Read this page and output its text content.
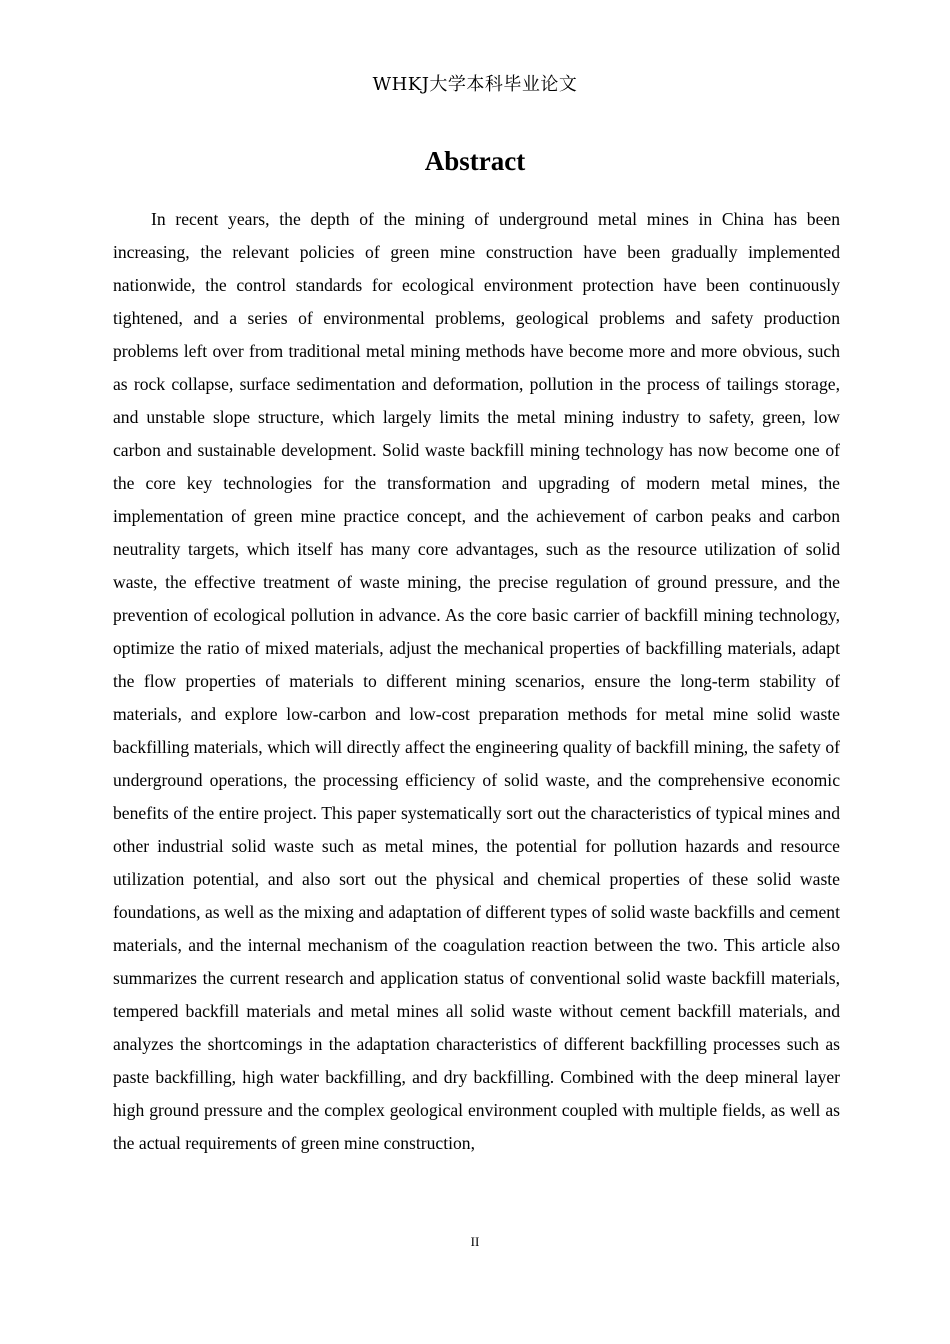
WHKJ大学本科毕业论文
Abstract

In recent years, the depth of the mining of underground metal mines in China has been increasing, the relevant policies of green mine construction have been gradually implemented nationwide, the control standards for ecological environment protection have been continuously tightened, and a series of environmental problems, geological problems and safety production problems left over from traditional metal mining methods have become more and more obvious, such as rock collapse, surface sedimentation and deformation, pollution in the process of tailings storage, and unstable slope structure, which largely limits the metal mining industry to safety, green, low carbon and sustainable development. Solid waste backfill mining technology has now become one of the core key technologies for the transformation and upgrading of modern metal mines, the implementation of green mine practice concept, and the achievement of carbon peaks and carbon neutrality targets, which itself has many core advantages, such as the resource utilization of solid waste, the effective treatment of waste mining, the precise regulation of ground pressure, and the prevention of ecological pollution in advance. As the core basic carrier of backfill mining technology, optimize the ratio of mixed materials, adjust the mechanical properties of backfilling materials, adapt the flow properties of materials to different mining scenarios, ensure the long-term stability of materials, and explore low-carbon and low-cost preparation methods for metal mine solid waste backfilling materials, which will directly affect the engineering quality of backfill mining, the safety of underground operations, the processing efficiency of solid waste, and the comprehensive economic benefits of the entire project. This paper systematically sort out the characteristics of typical mines and other industrial solid waste such as metal mines, the potential for pollution hazards and resource utilization potential, and also sort out the physical and chemical properties of these solid waste foundations, as well as the mixing and adaptation of different types of solid waste backfills and cement materials, and the internal mechanism of the coagulation reaction between the two. This article also summarizes the current research and application status of conventional solid waste backfill materials, tempered backfill materials and metal mines all solid waste without cement backfill materials, and analyzes the shortcomings in the adaptation characteristics of different backfilling processes such as paste backfilling, high water backfilling, and dry backfilling. Combined with the deep mineral layer high ground pressure and the complex geological environment coupled with multiple fields, as well as the actual requirements of green mine construction,

II
